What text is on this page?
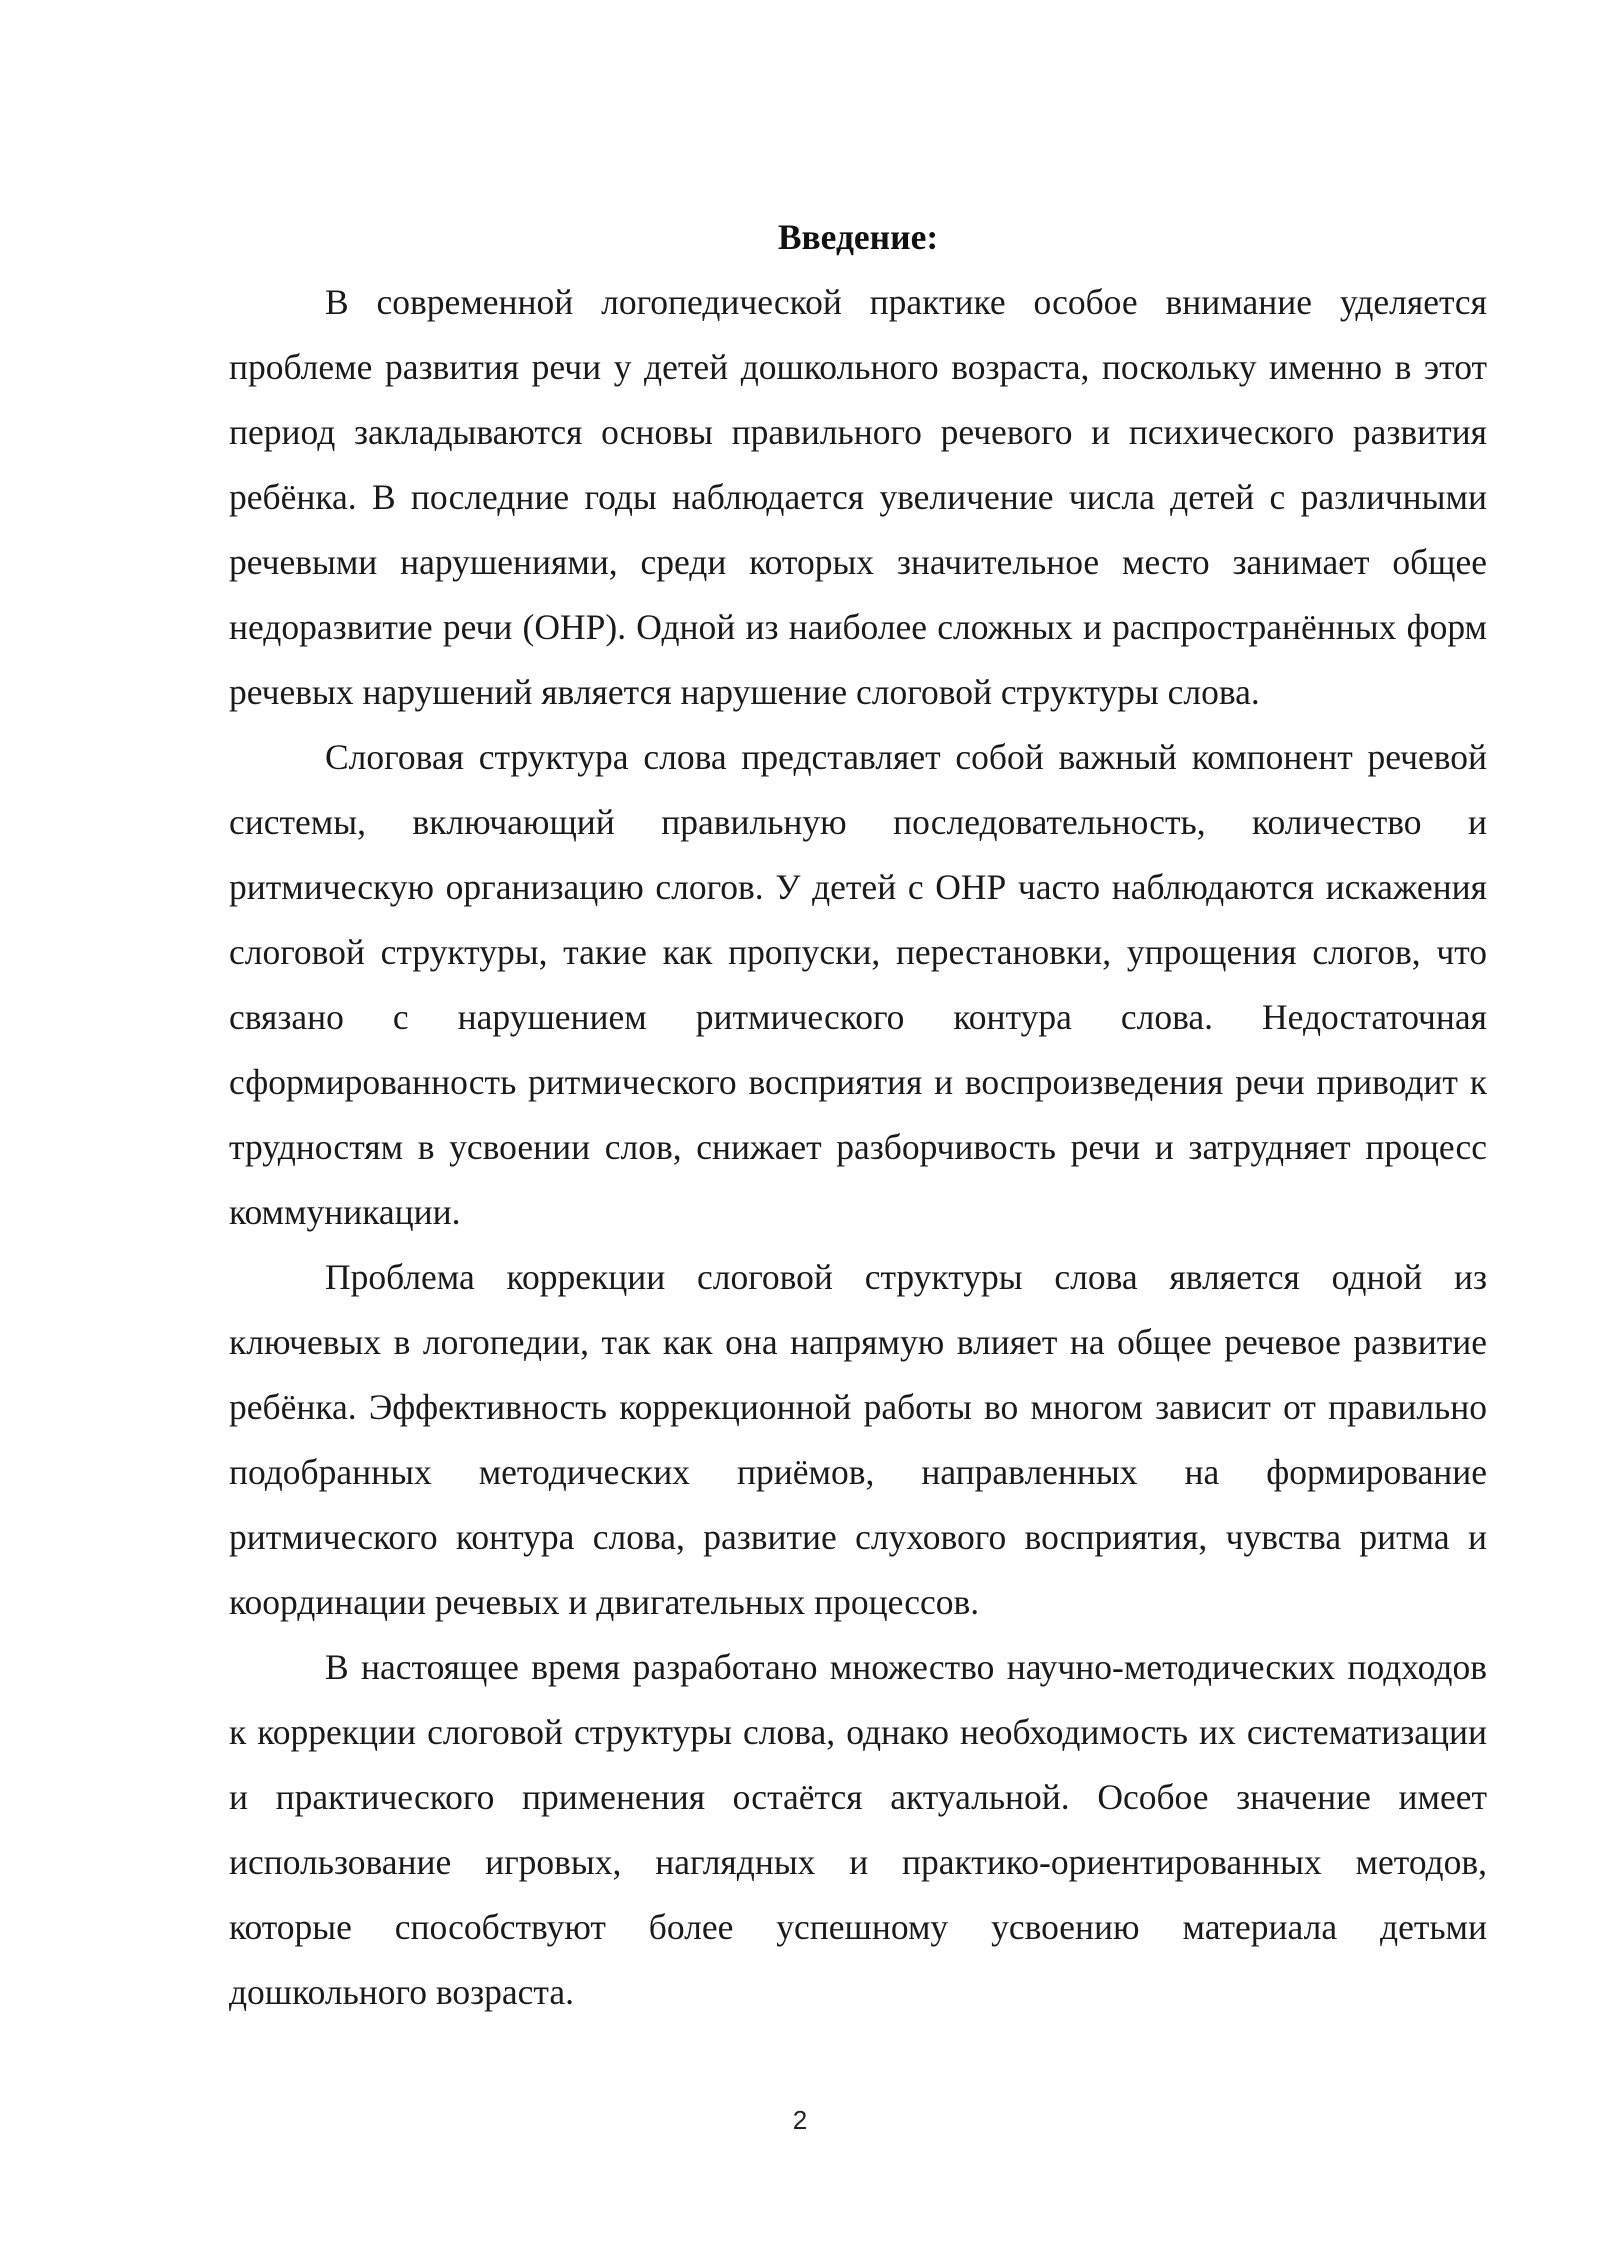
Введение:

В современной логопедической практике особое внимание уделяется проблеме развития речи у детей дошкольного возраста, поскольку именно в этот период закладываются основы правильного речевого и психического развития ребёнка. В последние годы наблюдается увеличение числа детей с различными речевыми нарушениями, среди которых значительное место занимает общее недоразвитие речи (ОНР). Одной из наиболее сложных и распространённых форм речевых нарушений является нарушение слоговой структуры слова.

Слоговая структура слова представляет собой важный компонент речевой системы, включающий правильную последовательность, количество и ритмическую организацию слогов. У детей с ОНР часто наблюдаются искажения слоговой структуры, такие как пропуски, перестановки, упрощения слогов, что связано с нарушением ритмического контура слова. Недостаточная сформированность ритмического восприятия и воспроизведения речи приводит к трудностям в усвоении слов, снижает разборчивость речи и затрудняет процесс коммуникации.

Проблема коррекции слоговой структуры слова является одной из ключевых в логопедии, так как она напрямую влияет на общее речевое развитие ребёнка. Эффективность коррекционной работы во многом зависит от правильно подобранных методических приёмов, направленных на формирование ритмического контура слова, развитие слухового восприятия, чувства ритма и координации речевых и двигательных процессов.

В настоящее время разработано множество научно-методических подходов к коррекции слоговой структуры слова, однако необходимость их систематизации и практического применения остаётся актуальной. Особое значение имеет использование игровых, наглядных и практико-ориентированных методов, которые способствуют более успешному усвоению материала детьми дошкольного возраста.

2
